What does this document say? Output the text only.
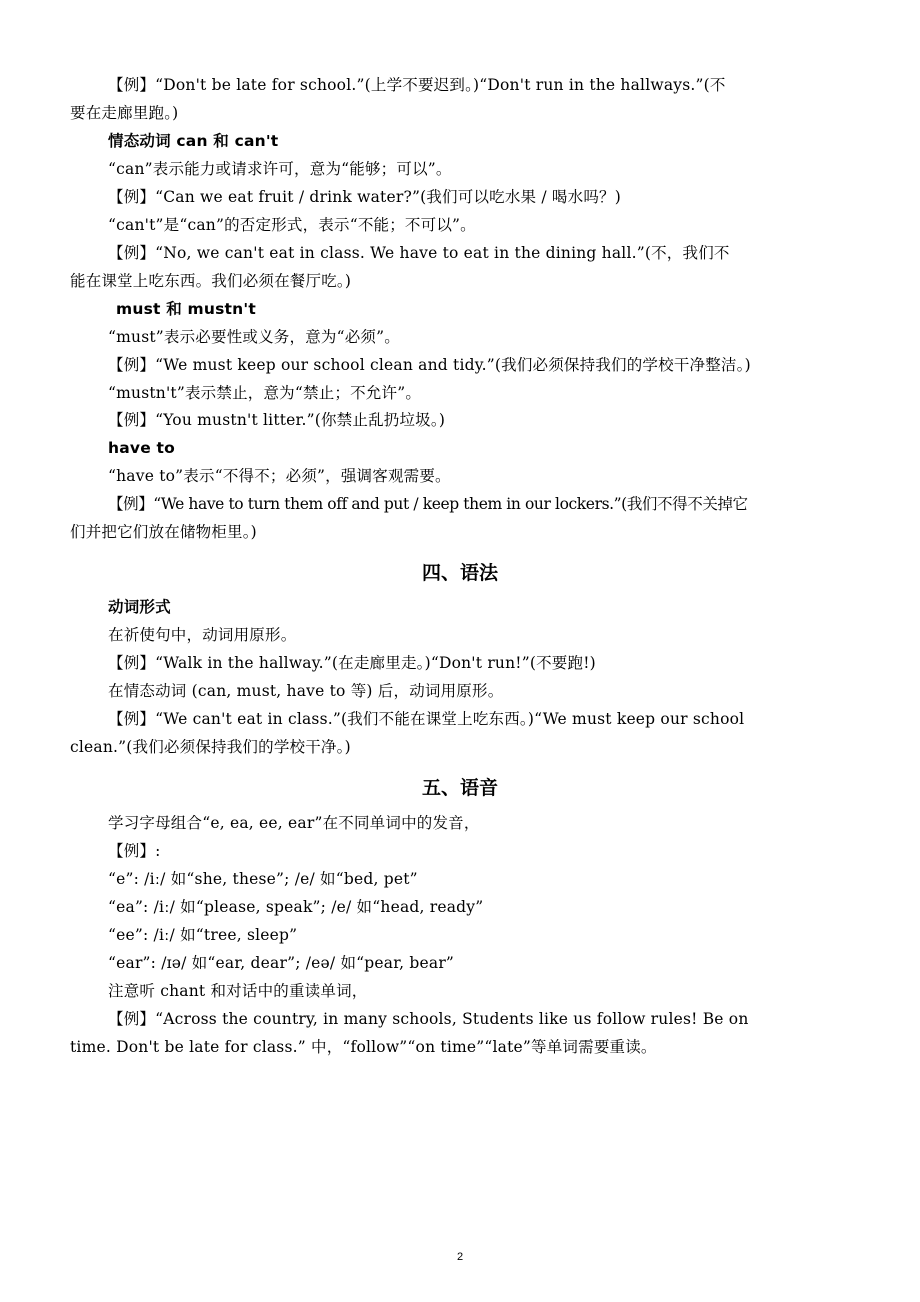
【例】“Don't be late for school.”(上学不要迟到。)“Don't run in the hallways.”(不
要在走廊里跑。)
情态动词 can 和 can't
“can”表示能力或请求许可，意为“能够；可以”。
【例】“Can we eat fruit / drink water?”(我们可以吃水果 / 喝水吗？)
“can't”是“can”的否定形式，表示“不能；不可以”。
【例】“No, we can't eat in class. We have to eat in the dining hall.”(不，我们不
能在课堂上吃东西。我们必须在餐厅吃。)
must 和 mustn't
“must”表示必要性或义务，意为“必须”。
【例】“We must keep our school clean and tidy.”(我们必须保持我们的学校干净整洁。)
“mustn't”表示禁止，意为“禁止；不允许”。
【例】“You mustn't litter.”(你禁止乱扔垃圾。)
have to
“have to”表示“不得不；必须”，强调客观需要。
【例】“We have to turn them off and put / keep them in our lockers.”(我们不得不关掉它
们并把它们放在储物柜里。)
四、语法
动词形式
在祈使句中，动词用原形。
【例】“Walk in the hallway.”(在走廊里走。)“Don't run!”(不要跑!)
在情态动词 (can, must, have to 等) 后，动词用原形。
【例】“We can't eat in class.”(我们不能在课堂上吃东西。)“We must keep our school
clean.”(我们必须保持我们的学校干净。)
五、语音
学习字母组合“e, ea, ee, ear”在不同单词中的发音，
【例】:
“e”: /iː/ 如“she, these”; /e/ 如“bed, pet”
“ea”: /iː/ 如“please, speak”; /e/ 如“head, ready”
“ee”: /iː/ 如“tree, sleep”
“ear”: /ɪə/ 如“ear, dear”; /eə/ 如“pear, bear”
注意听 chant 和对话中的重读单词，
【例】“Across the country, in many schools, Students like us follow rules! Be on
time. Don't be late for class.” 中，“follow”“on time”“late”等单词需要重读。
2
